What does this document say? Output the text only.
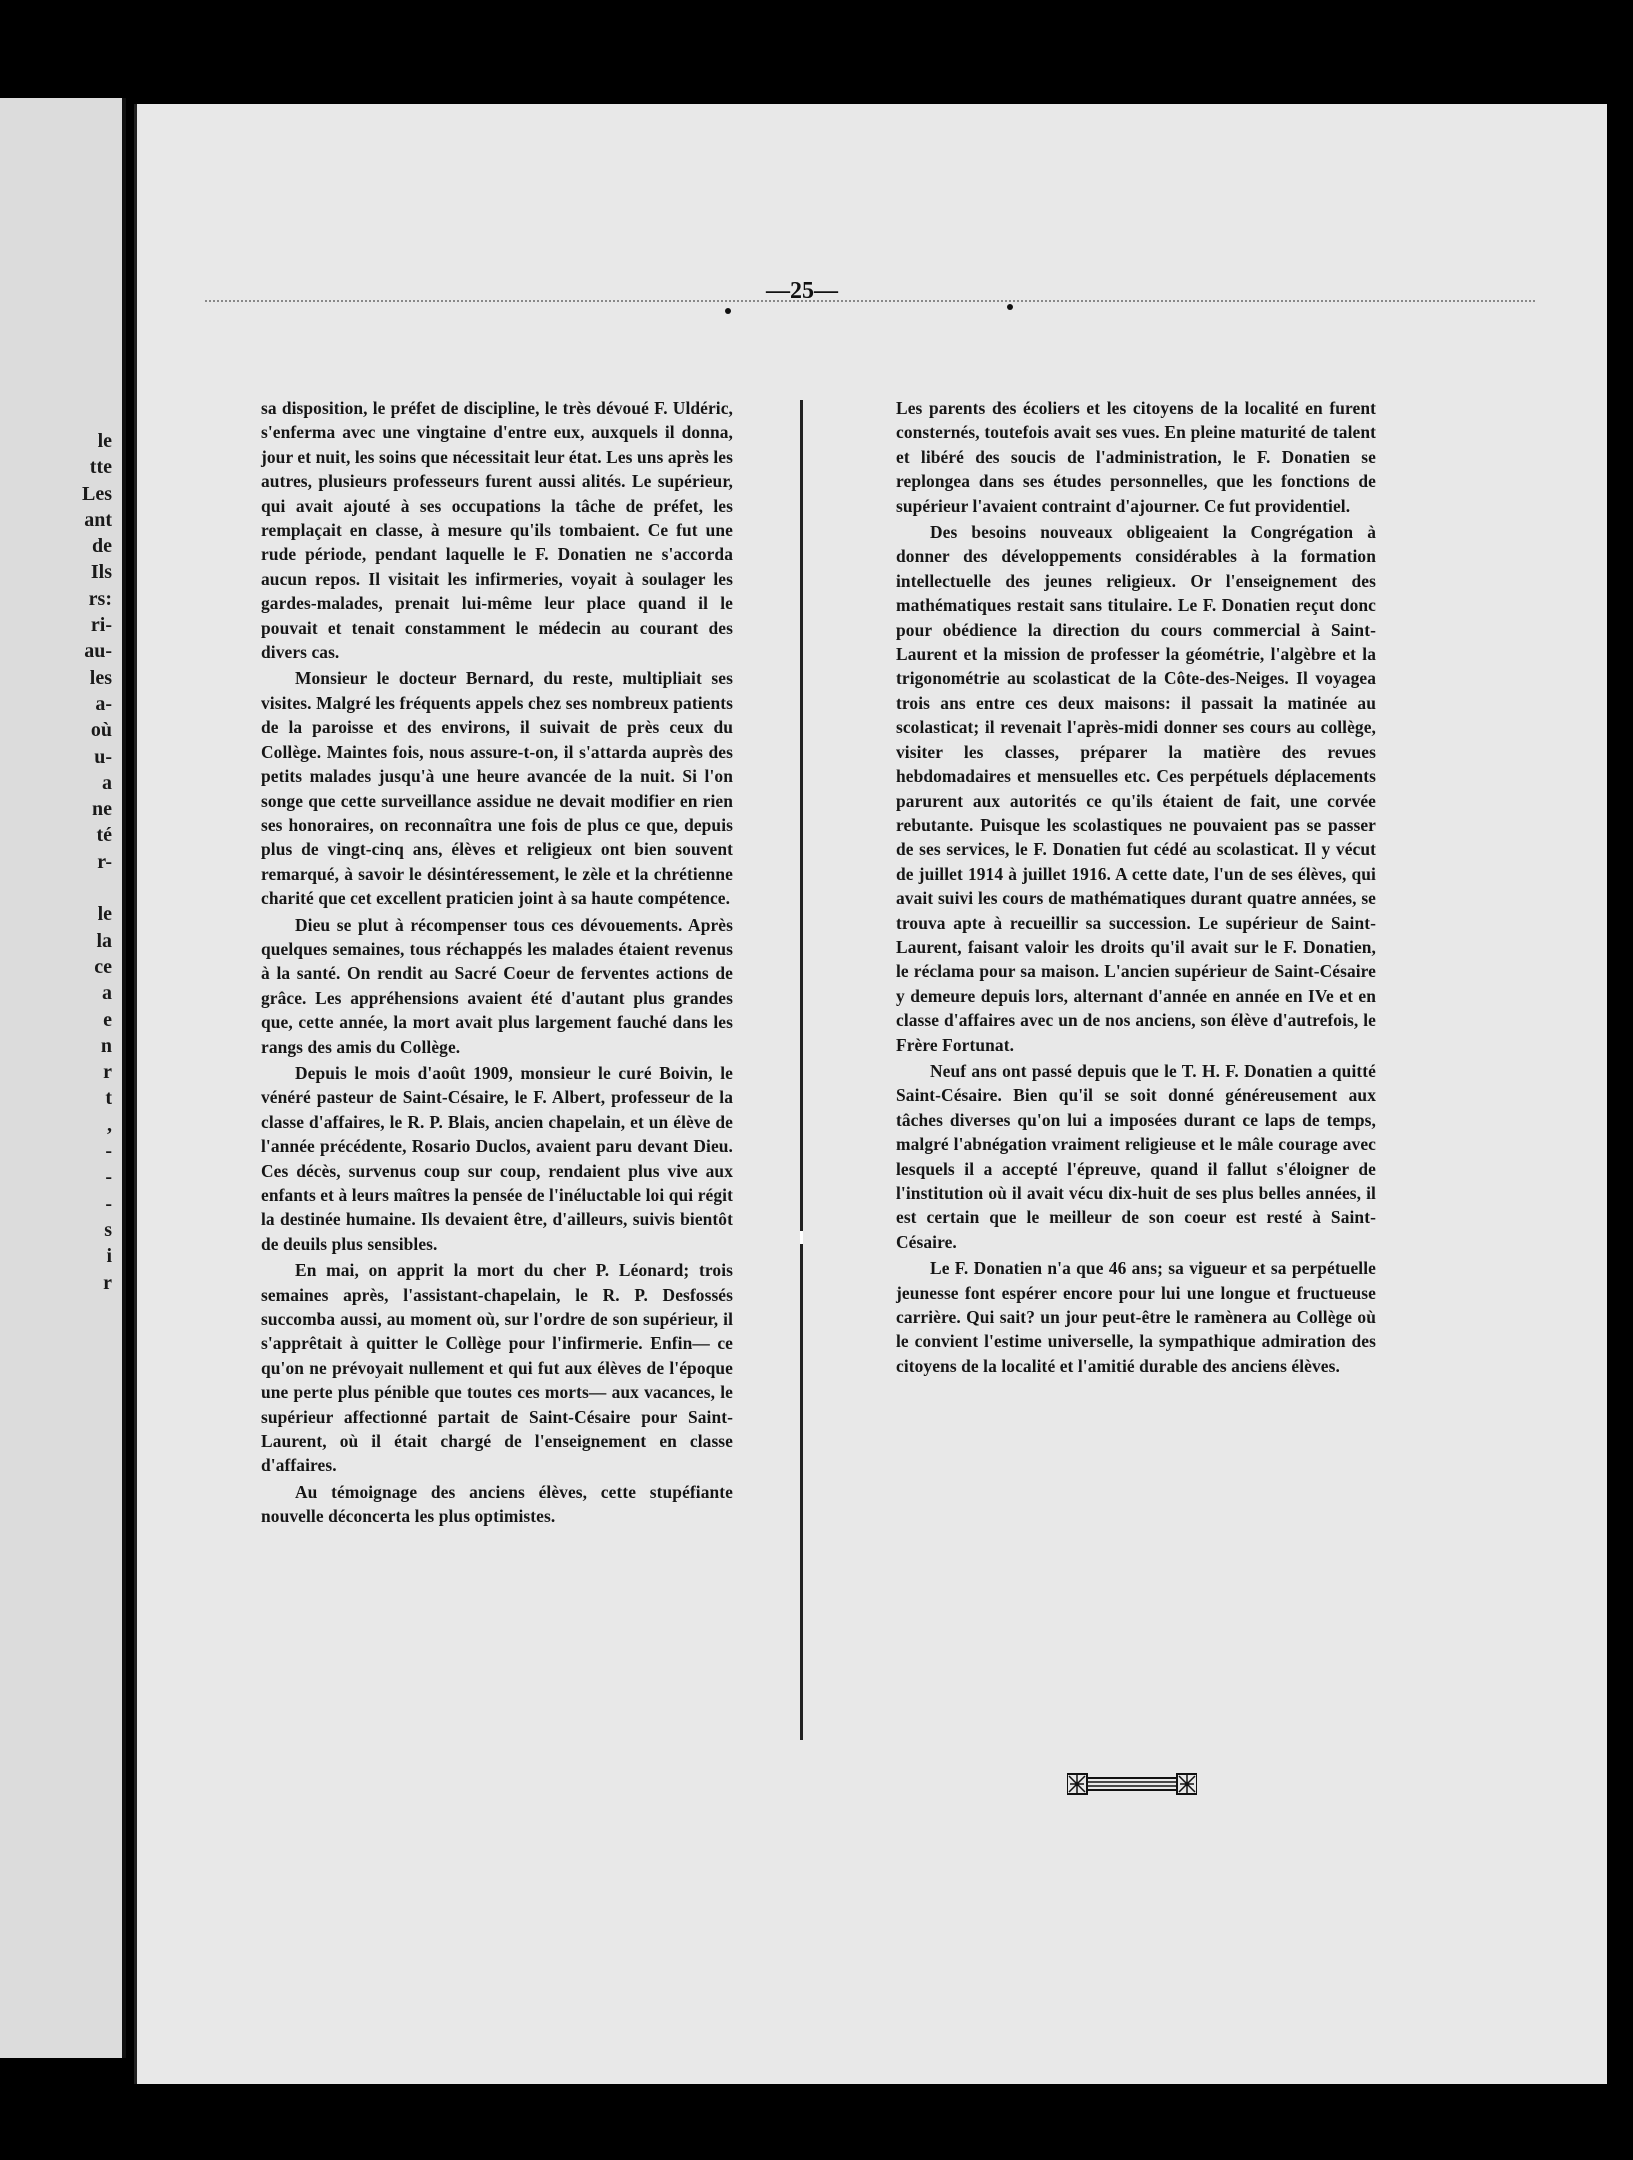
le
tte
Les
ant
de
Ils
rs:
ri-
au-
les
a-
où
u-
a
ne
té
r-
le
la
ce
a
e
n
r
t
,
-
-
-
s
i
r
—25—

sa disposition, le préfet de discipline, le très dévoué F. Uldéric, s'enferma avec une vingtaine d'entre eux, auxquels il donna, jour et nuit, les soins que nécessitait leur état. Les uns après les autres, plusieurs professeurs furent aussi alités. Le supérieur, qui avait ajouté à ses occupations la tâche de préfet, les remplaçait en classe, à mesure qu'ils tombaient. Ce fut une rude période, pendant laquelle le F. Donatien ne s'accorda aucun repos. Il visitait les infirmeries, voyait à soulager les gardes-malades, prenait lui-même leur place quand il le pouvait et tenait constamment le médecin au courant des divers cas.

Monsieur le docteur Bernard, du reste, multipliait ses visites. Malgré les fréquents appels chez ses nombreux patients de la paroisse et des environs, il suivait de près ceux du Collège. Maintes fois, nous assure-t-on, il s'attarda auprès des petits malades jusqu'à une heure avancée de la nuit. Si l'on songe que cette surveillance assidue ne devait modifier en rien ses honoraires, on reconnaîtra une fois de plus ce que, depuis plus de vingt-cinq ans, élèves et religieux ont bien souvent remarqué, à savoir le désintéressement, le zèle et la chrétienne charité que cet excellent praticien joint à sa haute compétence.

Dieu se plut à récompenser tous ces dévouements. Après quelques semaines, tous réchappés les malades étaient revenus à la santé. On rendit au Sacré Coeur de ferventes actions de grâce. Les appréhensions avaient été d'autant plus grandes que, cette année, la mort avait plus largement fauché dans les rangs des amis du Collège.

Depuis le mois d'août 1909, monsieur le curé Boivin, le vénéré pasteur de Saint-Césaire, le F. Albert, professeur de la classe d'affaires, le R. P. Blais, ancien chapelain, et un élève de l'année précédente, Rosario Duclos, avaient paru devant Dieu. Ces décès, survenus coup sur coup, rendaient plus vive aux enfants et à leurs maîtres la pensée de l'inéluctable loi qui régit la destinée humaine. Ils devaient être, d'ailleurs, suivis bientôt de deuils plus sensibles.

En mai, on apprit la mort du cher P. Léonard; trois semaines après, l'assistant-chapelain, le R. P. Desfossés succomba aussi, au moment où, sur l'ordre de son supérieur, il s'apprêtait à quitter le Collège pour l'infirmerie. Enfin— ce qu'on ne prévoyait nullement et qui fut aux élèves de l'époque une perte plus pénible que toutes ces morts— aux vacances, le supérieur affectionné partait de Saint-Césaire pour Saint-Laurent, où il était chargé de l'enseignement en classe d'affaires.

Au témoignage des anciens élèves, cette stupéfiante nouvelle déconcerta les plus optimistes.

Les parents des écoliers et les citoyens de la localité en furent consternés, toutefois avait ses vues. En pleine maturité de talent et libéré des soucis de l'administration, le F. Donatien se replongea dans ses études personnelles, que les fonctions de supérieur l'avaient contraint d'ajourner. Ce fut providentiel.

Des besoins nouveaux obligeaient la Congrégation à donner des développements considérables à la formation intellectuelle des jeunes religieux. Or l'enseignement des mathématiques restait sans titulaire. Le F. Donatien reçut donc pour obédience la direction du cours commercial à Saint-Laurent et la mission de professer la géométrie, l'algèbre et la trigonométrie au scolasticat de la Côte-des-Neiges. Il voyagea trois ans entre ces deux maisons: il passait la matinée au scolasticat; il revenait l'après-midi donner ses cours au collège, visiter les classes, préparer la matière des revues hebdomadaires et mensuelles etc. Ces perpétuels déplacements parurent aux autorités ce qu'ils étaient de fait, une corvée rebutante. Puisque les scolastiques ne pouvaient pas se passer de ses services, le F. Donatien fut cédé au scolasticat. Il y vécut de juillet 1914 à juillet 1916. A cette date, l'un de ses élèves, qui avait suivi les cours de mathématiques durant quatre années, se trouva apte à recueillir sa succession. Le supérieur de Saint-Laurent, faisant valoir les droits qu'il avait sur le F. Donatien, le réclama pour sa maison. L'ancien supérieur de Saint-Césaire y demeure depuis lors, alternant d'année en année en IVe et en classe d'affaires avec un de nos anciens, son élève d'autrefois, le Frère Fortunat.

Neuf ans ont passé depuis que le T. H. F. Donatien a quitté Saint-Césaire. Bien qu'il se soit donné généreusement aux tâches diverses qu'on lui a imposées durant ce laps de temps, malgré l'abnégation vraiment religieuse et le mâle courage avec lesquels il a accepté l'épreuve, quand il fallut s'éloigner de l'institution où il avait vécu dix-huit de ses plus belles années, il est certain que le meilleur de son coeur est resté à Saint-Césaire.

Le F. Donatien n'a que 46 ans; sa vigueur et sa perpétuelle jeunesse font espérer encore pour lui une longue et fructueuse carrière. Qui sait? un jour peut-être le ramènera au Collège où le convient l'estime universelle, la sympathique admiration des citoyens de la localité et l'amitié durable des anciens élèves.
